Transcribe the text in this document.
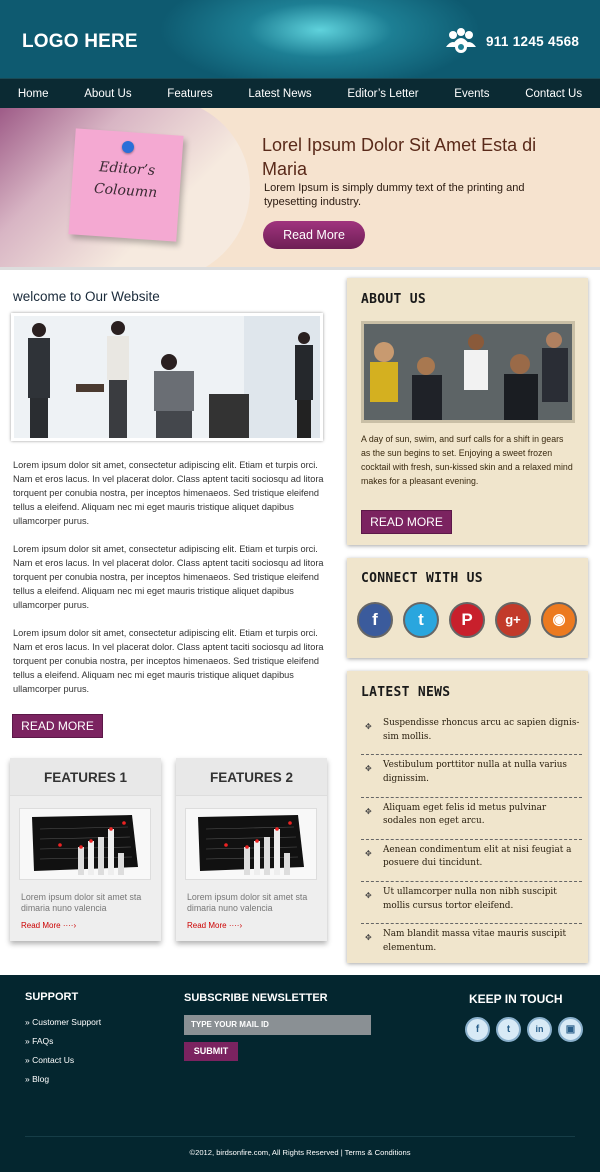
LOGO HERE	911 1245 4568
Home	About Us	Features	Latest News	Editor’s Letter	Events	Contact Us
Editor’s Coloumn
Lorel Ipsum Dolor Sit Amet Esta di Maria
Lorem Ipsum is simply dummy text of the printing and typesetting industry.
Read More
welcome to Our Website
Lorem ipsum dolor sit amet, consectetur adipiscing elit. Etiam et turpis orci. Nam et eros lacus. In vel placerat dolor. Class aptent taciti sociosqu ad litora torquent per conubia nostra, per inceptos himenaeos. Sed tristique eleifend tellus a eleifend. Aliquam nec mi eget mauris tristique aliquet dapibus ullamcorper purus.
Lorem ipsum dolor sit amet, consectetur adipiscing elit. Etiam et turpis orci. Nam et eros lacus. In vel placerat dolor. Class aptent taciti sociosqu ad litora torquent per conubia nostra, per inceptos himenaeos. Sed tristique eleifend tellus a eleifend. Aliquam nec mi eget mauris tristique aliquet dapibus ullamcorper purus.
Lorem ipsum dolor sit amet, consectetur adipiscing elit. Etiam et turpis orci. Nam et eros lacus. In vel placerat dolor. Class aptent taciti sociosqu ad litora torquent per conubia nostra, per inceptos himenaeos. Sed tristique eleifend tellus a eleifend. Aliquam nec mi eget mauris tristique aliquet dapibus ullamcorper purus.
READ MORE
FEATURES 1
Lorem ipsum dolor sit amet sta dimaria nuno valencia
Read More ····›
FEATURES 2
Lorem ipsum dolor sit amet sta dimaria nuno valencia
Read More ····›
ABOUT US
A day of sun, swim, and surf calls for a shift in gears as the sun begins to set. Enjoying a sweet frozen cocktail with fresh, sun-kissed skin and a relaxed mind makes for a pleasant evening.
READ MORE
CONNECT WITH US
f	t	P	g+	◉
LATEST NEWS
✥ Suspendisse rhoncus arcu ac sapien dignis-sim mollis.
✥ Vestibulum porttitor nulla at nulla varius dignissim.
✥ Aliquam eget felis id metus pulvinar sodales non eget arcu.
✥ Aenean condimentum elit at nisi feugiat a posuere dui tincidunt.
✥ Ut ullamcorper nulla non nibh suscipit mollis cursus tortor eleifend.
✥ Nam blandit massa vitae mauris suscipit elementum.
SUPPORT
» Customer Support
» FAQs
» Contact Us
» Blog
SUBSCRIBE NEWSLETTER
TYPE YOUR MAIL ID
SUBMIT
KEEP IN TOUCH
f	t	in	▣
©2012, birdsonfire.com, All Rights Reserved | Terms & Conditions
